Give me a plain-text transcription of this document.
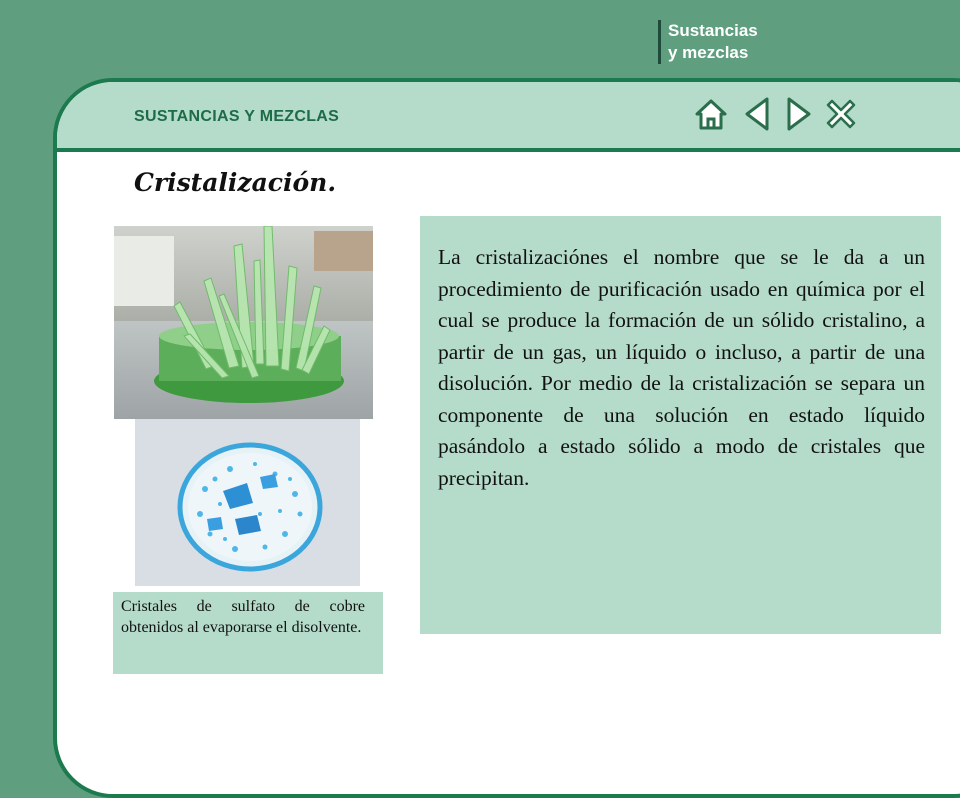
Sustancias
y mezclas
SUSTANCIAS Y MEZCLAS
Cristalización.
Cristales de sulfato de cobre obtenidos al evaporarse el disolvente.

La cristalizaciónes el nombre que se le da a un procedimiento de purificación usado en química por el cual se produce la formación de un sólido cristalino, a partir de un gas, un líquido o incluso, a partir de una disolución. Por medio de la cristalización se separa un componente de una solución en estado líquido pasándolo a estado sólido a modo de cristales que precipitan.
